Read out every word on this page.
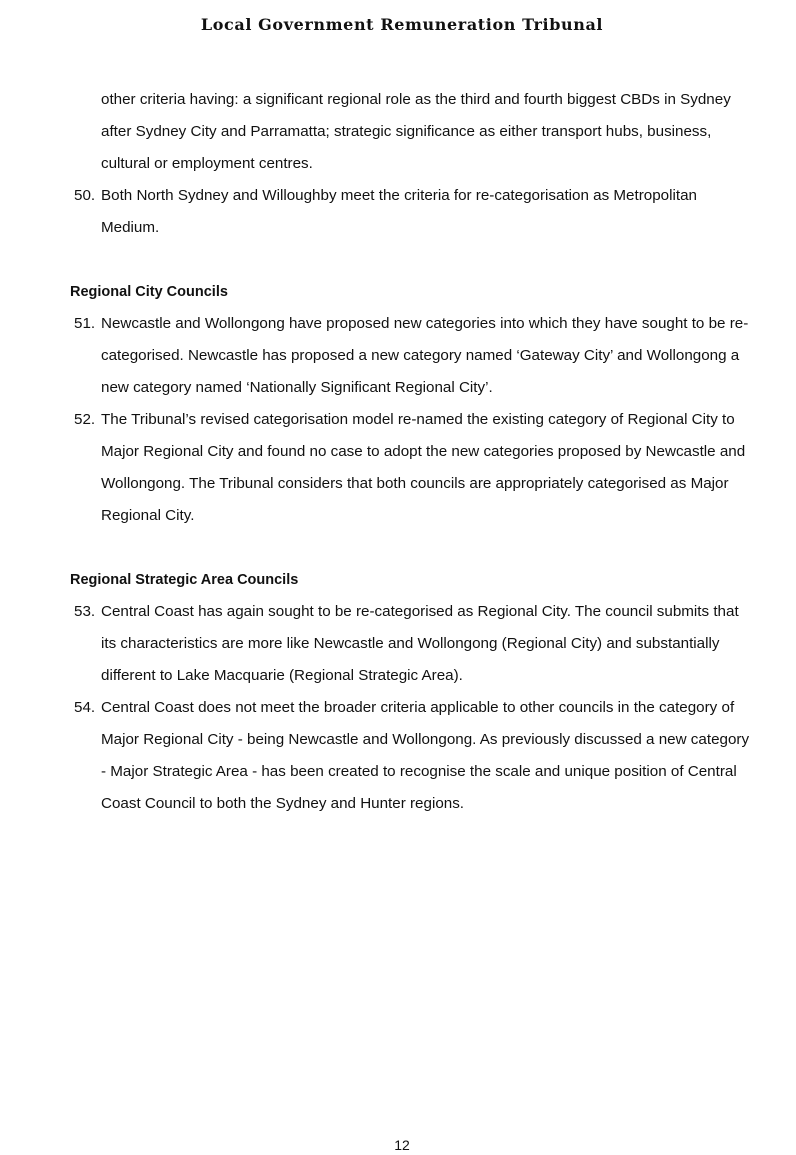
Local Government Remuneration Tribunal

other criteria having: a significant regional role as the third and fourth biggest CBDs in Sydney after Sydney City and Parramatta; strategic significance as either transport hubs, business, cultural or employment centres.

50. Both North Sydney and Willoughby meet the criteria for re-categorisation as Metropolitan Medium.

Regional City Councils

51. Newcastle and Wollongong have proposed new categories into which they have sought to be re-categorised. Newcastle has proposed a new category named ‘Gateway City’ and Wollongong a new category named ‘Nationally Significant Regional City’.

52. The Tribunal’s revised categorisation model re-named the existing category of Regional City to Major Regional City and found no case to adopt the new categories proposed by Newcastle and Wollongong. The Tribunal considers that both councils are appropriately categorised as Major Regional City.

Regional Strategic Area Councils

53. Central Coast has again sought to be re-categorised as Regional City. The council submits that its characteristics are more like Newcastle and Wollongong (Regional City) and substantially different to Lake Macquarie (Regional Strategic Area).

54. Central Coast does not meet the broader criteria applicable to other councils in the category of Major Regional City - being Newcastle and Wollongong. As previously discussed a new category - Major Strategic Area - has been created to recognise the scale and unique position of Central Coast Council to both the Sydney and Hunter regions.

12
